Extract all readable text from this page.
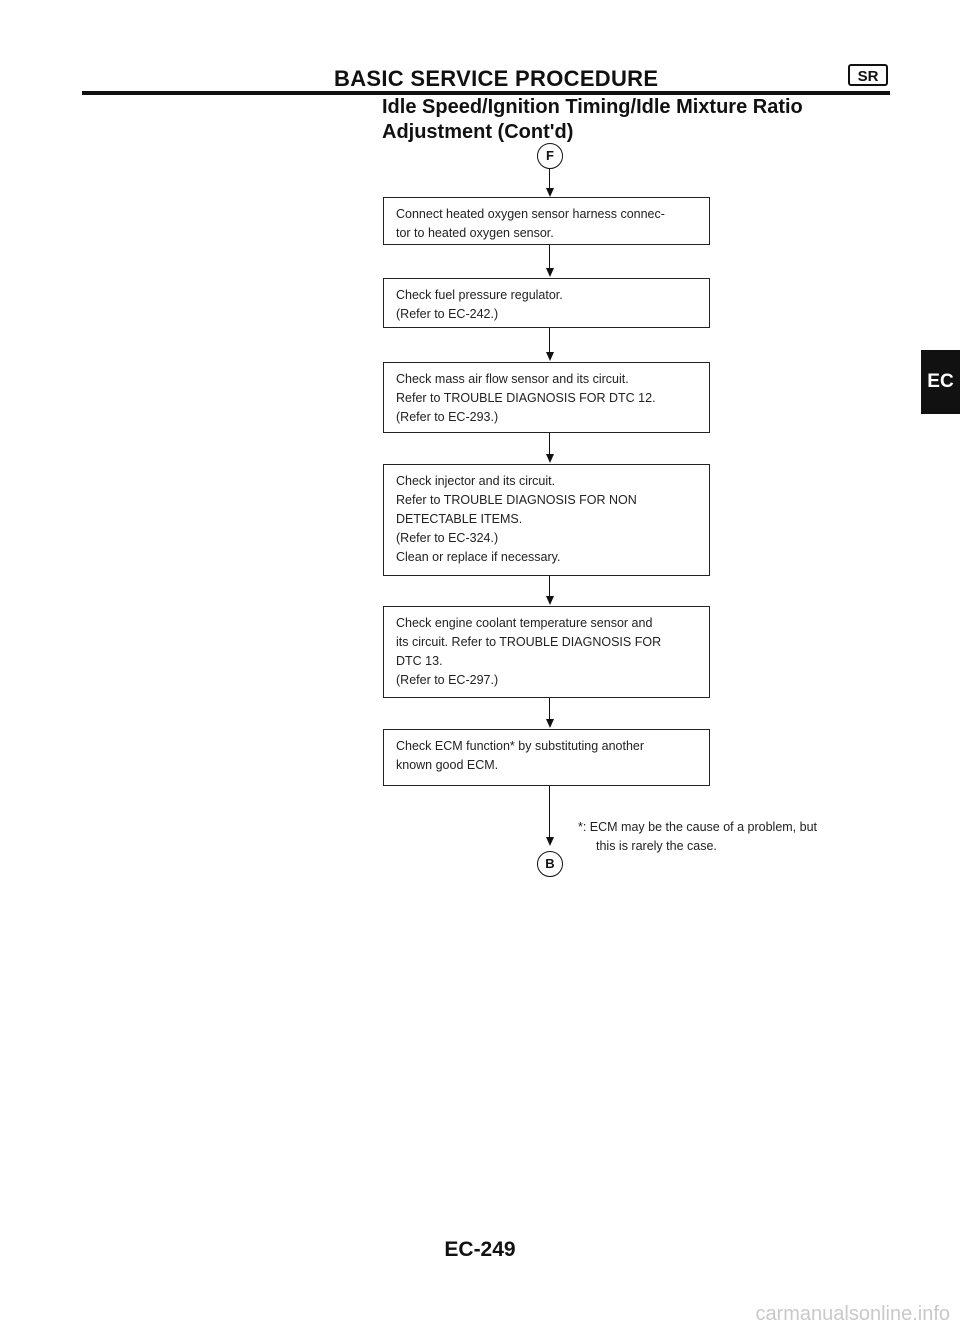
BASIC SERVICE PROCEDURE	SR
Idle Speed/Ignition Timing/Idle Mixture Ratio
Adjustment (Cont'd)
F
Connect heated oxygen sensor harness connec-
tor to heated oxygen sensor.
Check fuel pressure regulator.
(Refer to EC-242.)
Check mass air flow sensor and its circuit.
Refer to TROUBLE DIAGNOSIS FOR DTC 12.
(Refer to EC-293.)
Check injector and its circuit.
Refer to TROUBLE DIAGNOSIS FOR NON
DETECTABLE ITEMS.
(Refer to EC-324.)
Clean or replace if necessary.
Check engine coolant temperature sensor and
its circuit. Refer to TROUBLE DIAGNOSIS FOR
DTC 13.
(Refer to EC-297.)
Check ECM function* by substituting another
known good ECM.
B
*: ECM may be the cause of a problem, but
this is rarely the case.
EC
EC-249
carmanualsonline.info
